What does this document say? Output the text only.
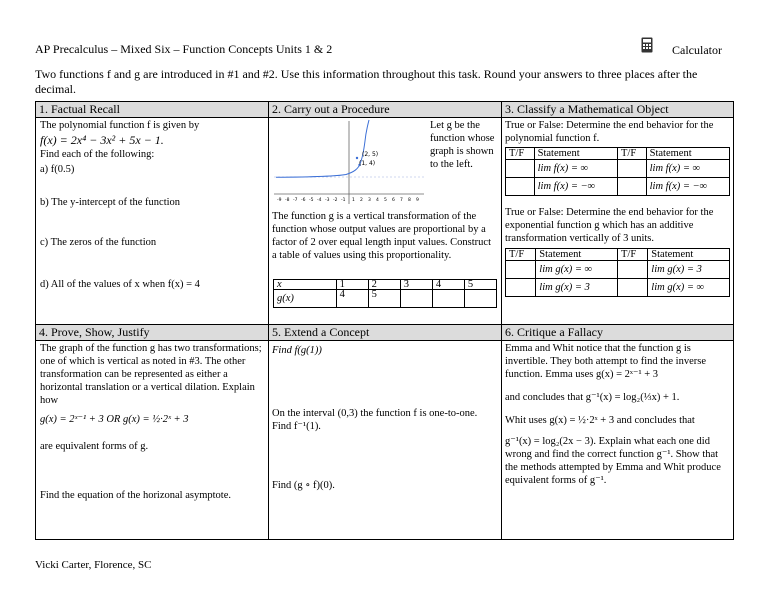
AP Precalculus – Mixed Six – Function Concepts Units 1 & 2	Calculator
Two functions f and g are introduced in #1 and #2. Use this information throughout this task. Round your answers to three places after the decimal.
1. Factual Recall	2. Carry out a Procedure	3. Classify a Mathematical Object
4. Prove, Show, Justify	5. Extend a Concept	6. Critique a Fallacy

The polynomial function f is given by

f(x) = 2x⁴ − 3x² + 5x − 1.

Find each of the following:

a) f(0.5)

b) The y-intercept of the function

c) The zeros of the function

d) All of the values of x when f(x) = 4

(2, 5)
(1, 4)
-9 -8 -7 -6 -5 -4 -3 -2 -1 1 2 3 4 5 6 7 8 9
Let g be the function whose graph is shown to the left.
The function g is a vertical transformation of the function whose output values are proportional by a factor of 2 over equal length input values. Construct a table of values using this proportionality.
x	1	2	3	4	5
g(x)	4	5			
True or False: Determine the end behavior for the polynomial function f.
T/F	Statement	T/F	Statement
	lim f(x) = ∞		lim f(x) = ∞
	lim f(x) = −∞		lim f(x) = −∞
True or False: Determine the end behavior for the exponential function g which has an additive transformation vertically of 3 units.
T/F	Statement	T/F	Statement
	lim g(x) = ∞		lim g(x) = 3
	lim g(x) = 3		lim g(x) = ∞

The graph of the function g has two transformations; one of which is vertical as noted in #3. The other transformation can be represented as either a horizontal translation or a vertical dilation. Explain how

g(x) = 2ˣ⁻¹ + 3 OR g(x) = ½·2ˣ + 3

are equivalent forms of g.

Find the equation of the horizonal asymptote.

Find f(g(1))

On the interval (0,3) the function f is one-to-one. Find f⁻¹(1).

Find (g ∘ f)(0).

Emma and Whit notice that the function g is invertible. They both attempt to find the inverse function. Emma uses g(x) = 2ˣ⁻¹ + 3

and concludes that g⁻¹(x) = log₂(⅓x) + 1.

Whit uses g(x) = ½·2ˣ + 3 and concludes that

g⁻¹(x) = log₂(2x − 3). Explain what each one did wrong and find the correct function g⁻¹. Show that the methods attempted by Emma and Whit produce equivalent forms of g⁻¹.

Vicki Carter, Florence, SC
